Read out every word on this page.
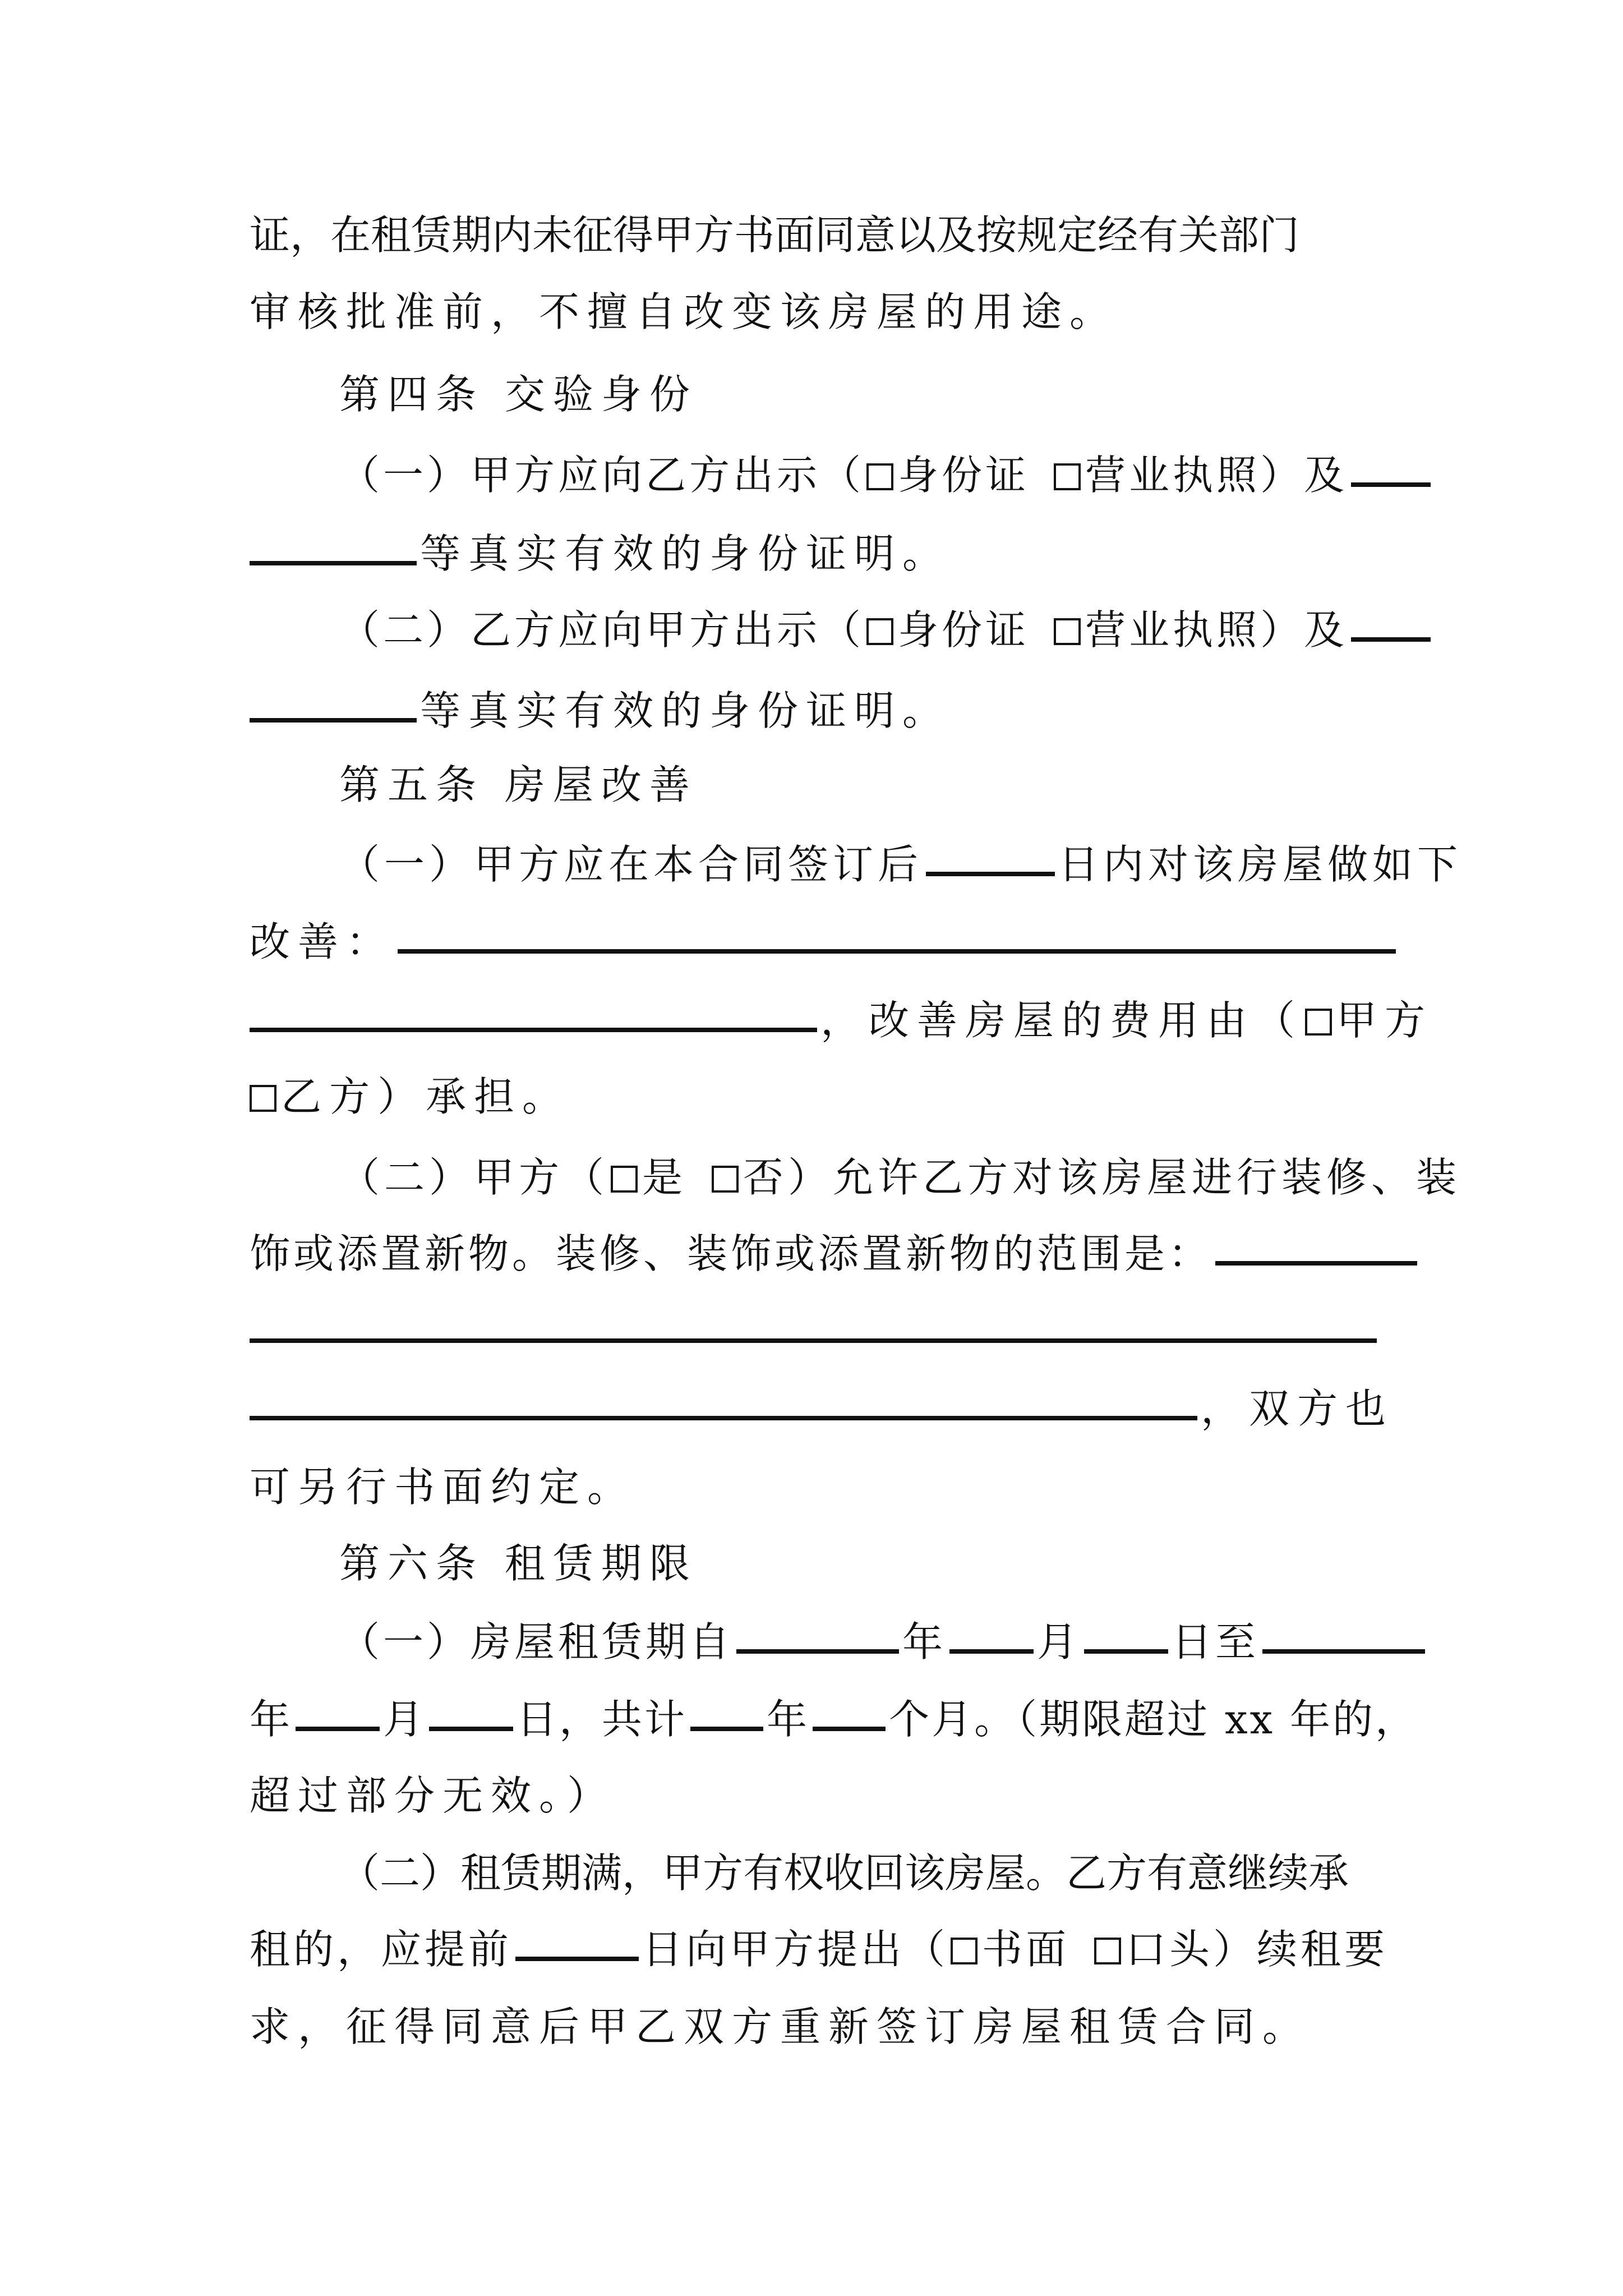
证，在租赁期内未征得甲方书面同意以及按规定经有关部门
审核批准前，不擅自改变该房屋的用途。
第四条 交验身份
（一）甲方应向乙方出示（ 身份证 营业执照）及
等真实有效的身份证明。
（二）乙方应向甲方出示（ 身份证 营业执照）及
等真实有效的身份证明。
第五条 房屋改善
（一）甲方应在本合同签订后	日内对该房屋做如下
改善：
，改善房屋的费用由（ 甲方
乙方）承担。
（二）甲方（ 是 否）允许乙方对该房屋进行装修、装
饰或添置新物。装修、装饰或添置新物的范围是：
，双方也
可另行书面约定。
第六条 租赁期限
（一）房屋租赁期自	年 月 日至
年 月 日，共计 年 个月。（期限超过 xx 年的，
超过部分无效。）
（二）租赁期满，甲方有权收回该房屋。乙方有意继续承
租的，应提前	日向甲方提出（ 书面 口头）续租要
求，征得同意后甲乙双方重新签订房屋租赁合同。
